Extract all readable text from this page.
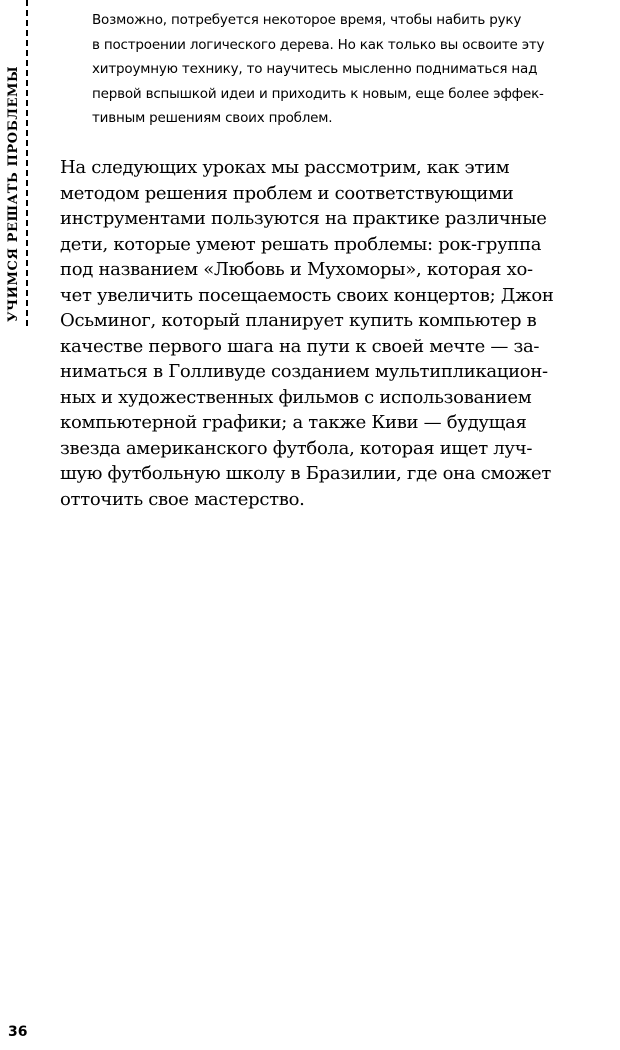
УЧИМСЯ РЕШАТЬ ПРОБЛЕМЫ
Возможно, потребуется некоторое время, чтобы набить руку
в построении логического дерева. Но как только вы освоите эту
хитроумную технику, то научитесь мысленно подниматься над
первой вспышкой идеи и приходить к новым, еще более эффек-
тивным решениям своих проблем.
На следующих уроках мы рассмотрим, как этим
методом решения проблем и соответствующими
инструментами пользуются на практике различные
дети, которые умеют решать проблемы: рок-группа
под названием «Любовь и Мухоморы», которая хо-
чет увеличить посещаемость своих концертов; Джон
Осьминог, который планирует купить компьютер в
качестве первого шага на пути к своей мечте — за-
ниматься в Голливуде созданием мультипликацион-
ных и художественных фильмов с использованием
компьютерной графики; а также Киви — будущая
звезда американского футбола, которая ищет луч-
шую футбольную школу в Бразилии, где она сможет
отточить свое мастерство.
36
